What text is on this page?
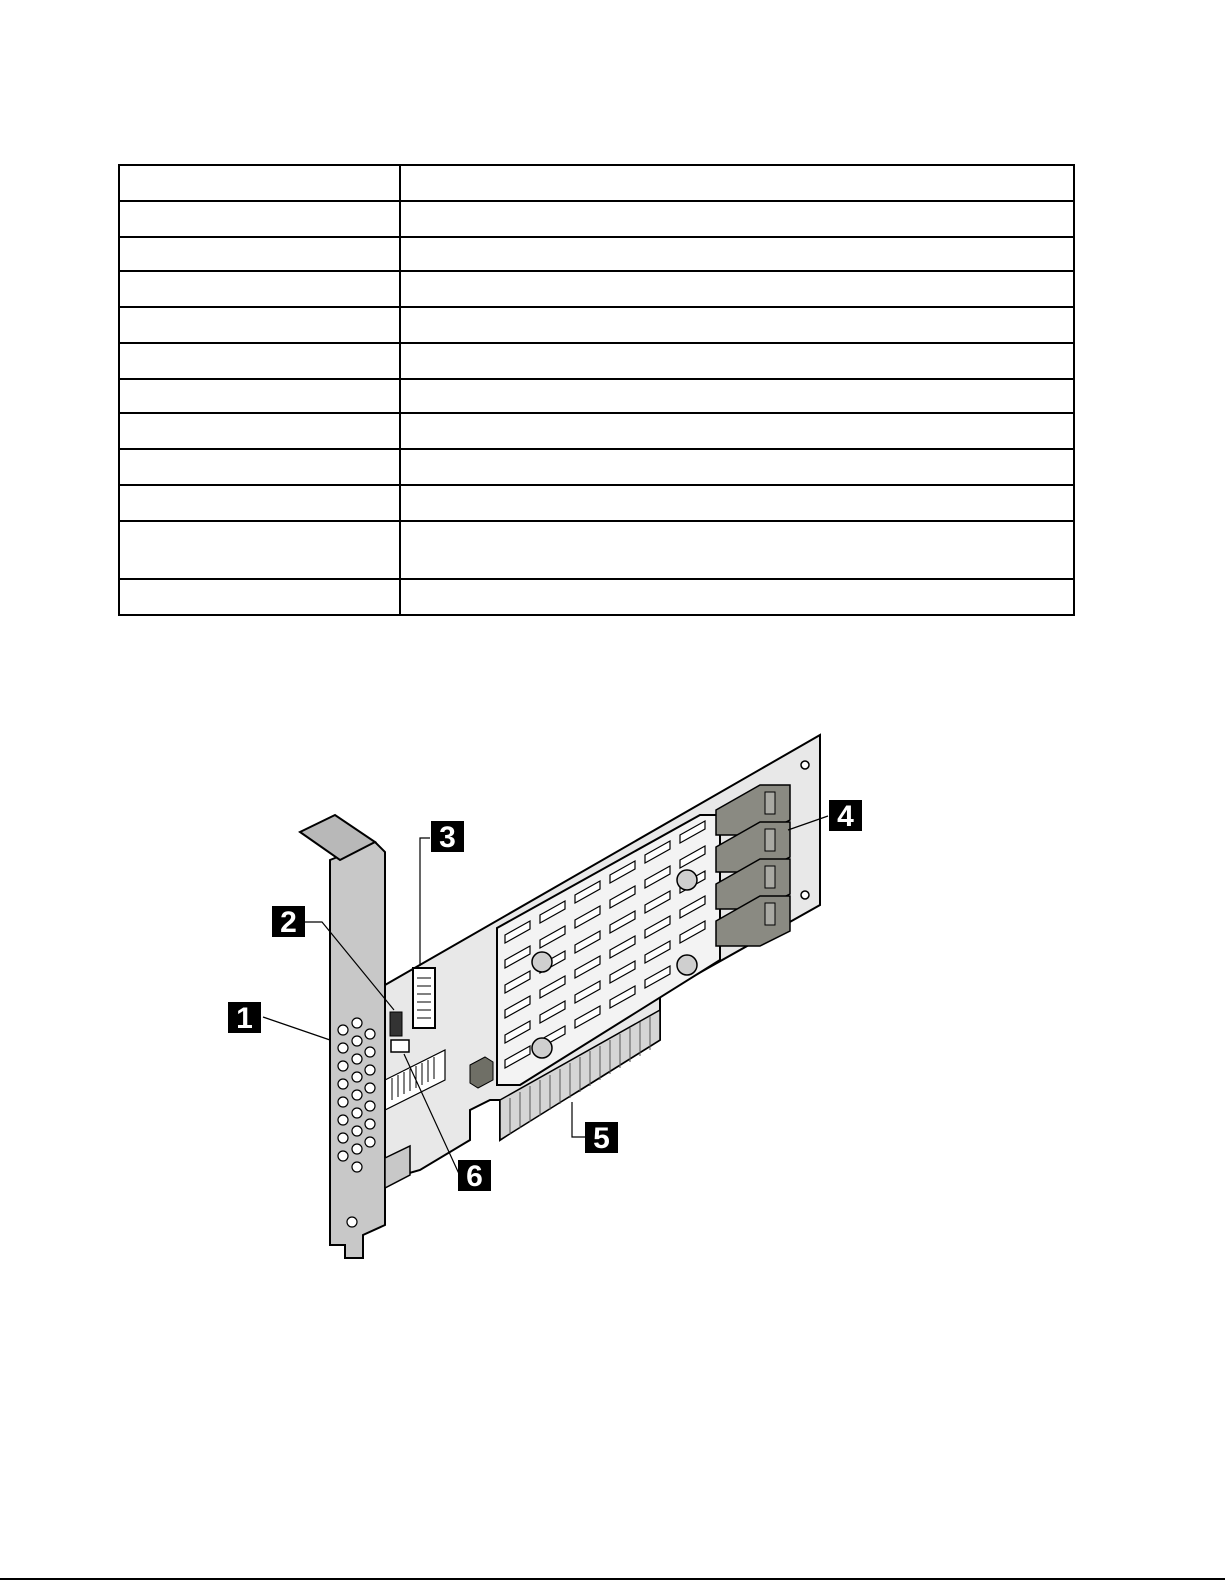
1
2
3
4
5
6
